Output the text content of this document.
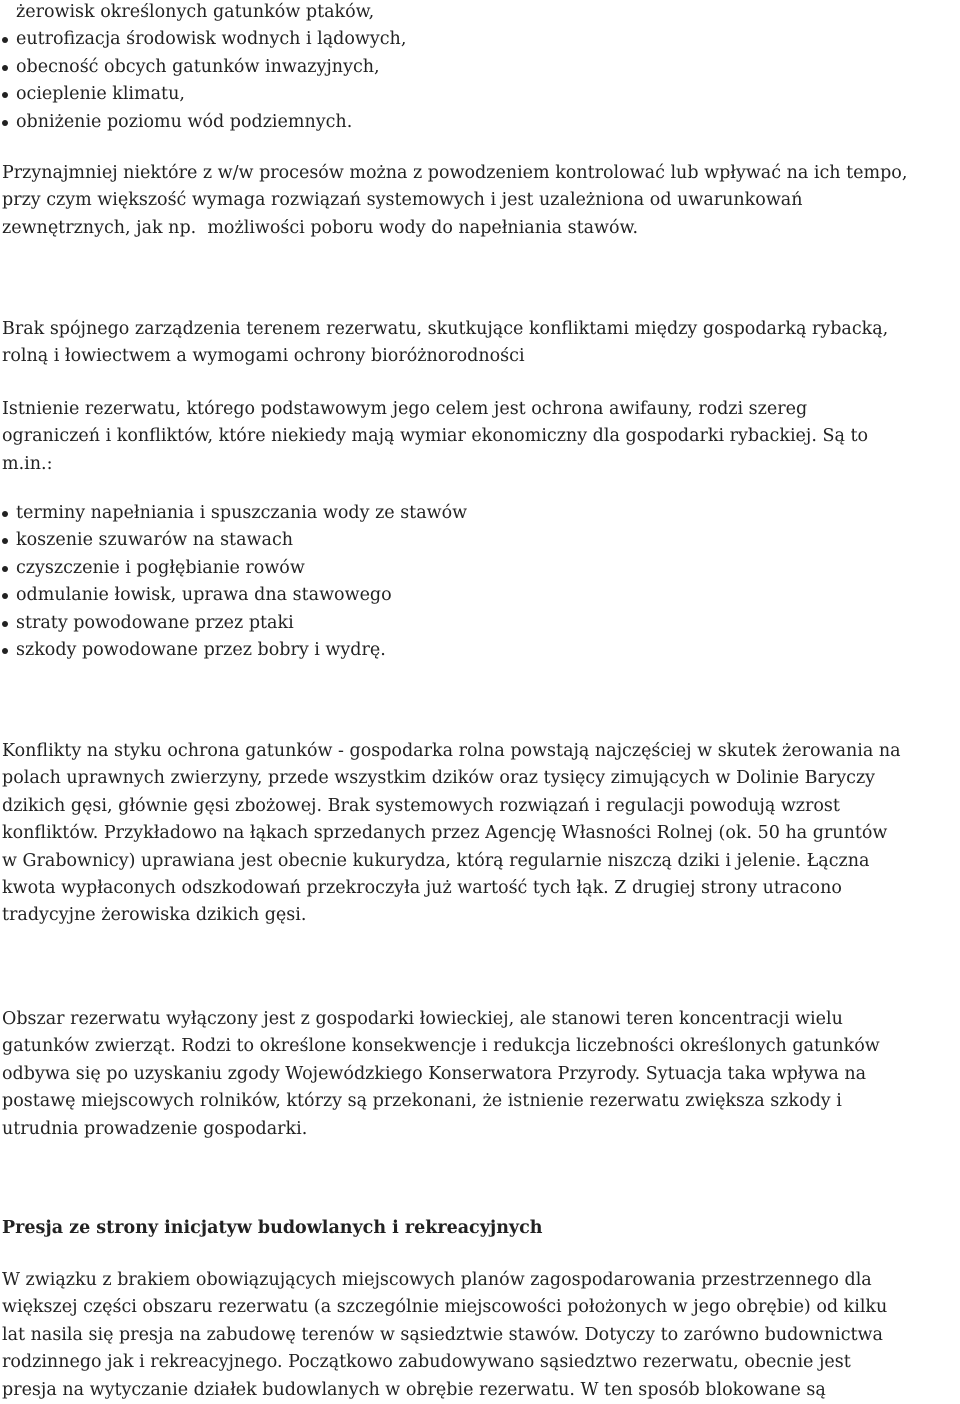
żerowisk określonych gatunków ptaków,
eutrofizacja środowisk wodnych i lądowych,
obecność obcych gatunków inwazyjnych,
ocieplenie klimatu,
obniżenie poziomu wód podziemnych.

Przynajmniej niektóre z w/w procesów można z powodzeniem kontrolować lub wpływać na ich tempo,
przy czym większość wymaga rozwiązań systemowych i jest uzależniona od uwarunkowań
zewnętrznych, jak np.  możliwości poboru wody do napełniania stawów.

Brak spójnego zarządzenia terenem rezerwatu, skutkujące konfliktami między gospodarką rybacką,
rolną i łowiectwem a wymogami ochrony bioróżnorodności

Istnienie rezerwatu, którego podstawowym jego celem jest ochrona awifauny, rodzi szereg
ograniczeń i konfliktów, które niekiedy mają wymiar ekonomiczny dla gospodarki rybackiej. Są to
m.in.:

terminy napełniania i spuszczania wody ze stawów
koszenie szuwarów na stawach
czyszczenie i pogłębianie rowów
odmulanie łowisk, uprawa dna stawowego
straty powodowane przez ptaki
szkody powodowane przez bobry i wydrę.

Konflikty na styku ochrona gatunków - gospodarka rolna powstają najczęściej w skutek żerowania na
polach uprawnych zwierzyny, przede wszystkim dzików oraz tysięcy zimujących w Dolinie Baryczy
dzikich gęsi, głównie gęsi zbożowej. Brak systemowych rozwiązań i regulacji powodują wzrost
konfliktów. Przykładowo na łąkach sprzedanych przez Agencję Własności Rolnej (ok. 50 ha gruntów
w Grabownicy) uprawiana jest obecnie kukurydza, którą regularnie niszczą dziki i jelenie. Łączna
kwota wypłaconych odszkodowań przekroczyła już wartość tych łąk. Z drugiej strony utracono
tradycyjne żerowiska dzikich gęsi.

Obszar rezerwatu wyłączony jest z gospodarki łowieckiej, ale stanowi teren koncentracji wielu
gatunków zwierząt. Rodzi to określone konsekwencje i redukcja liczebności określonych gatunków
odbywa się po uzyskaniu zgody Wojewódzkiego Konserwatora Przyrody. Sytuacja taka wpływa na
postawę miejscowych rolników, którzy są przekonani, że istnienie rezerwatu zwiększa szkody i
utrudnia prowadzenie gospodarki.

Presja ze strony inicjatyw budowlanych i rekreacyjnych

W związku z brakiem obowiązujących miejscowych planów zagospodarowania przestrzennego dla
większej części obszaru rezerwatu (a szczególnie miejscowości położonych w jego obrębie) od kilku
lat nasila się presja na zabudowę terenów w sąsiedztwie stawów. Dotyczy to zarówno budownictwa
rodzinnego jak i rekreacyjnego. Początkowo zabudowywano sąsiedztwo rezerwatu, obecnie jest
presja na wytyczanie działek budowlanych w obrębie rezerwatu. W ten sposób blokowane są
